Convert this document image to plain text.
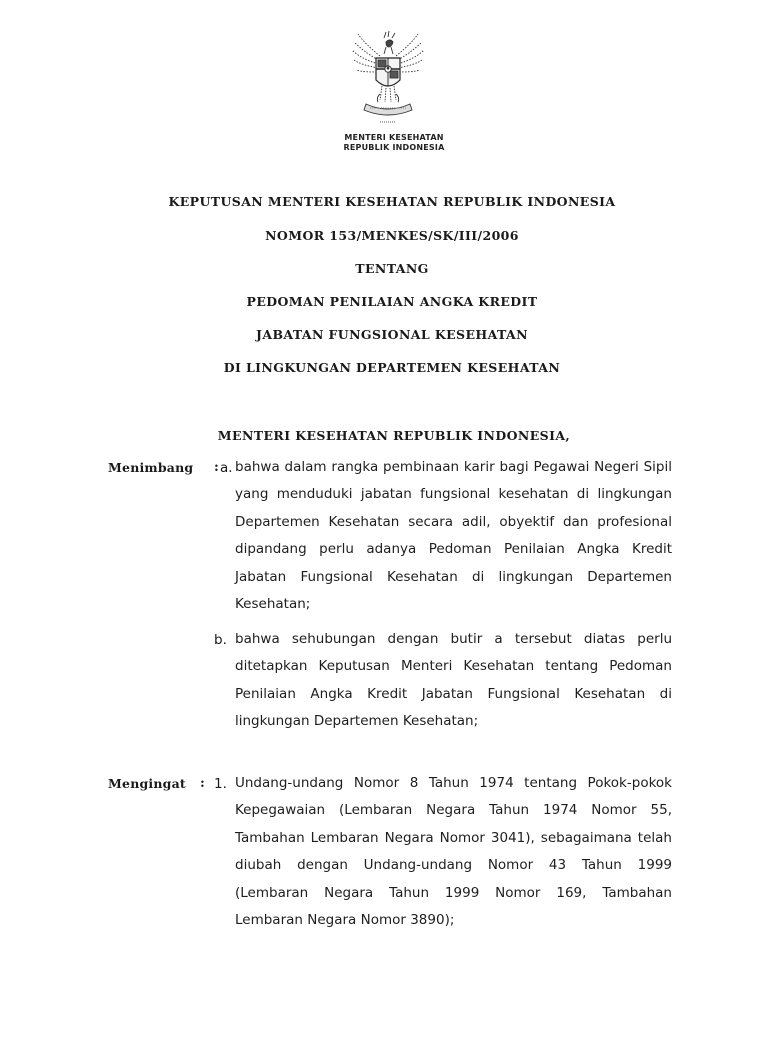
MENTERI KESEHATAN
REPUBLIK INDONESIA
KEPUTUSAN MENTERI KESEHATAN REPUBLIK INDONESIA
NOMOR 153/MENKES/SK/III/2006
TENTANG
PEDOMAN PENILAIAN ANGKA KREDIT
JABATAN FUNGSIONAL KESEHATAN
DI LINGKUNGAN DEPARTEMEN KESEHATAN
MENTERI KESEHATAN REPUBLIK INDONESIA,
Menimbang : a. bahwa dalam rangka pembinaan karir bagi Pegawai Negeri Sipil yang menduduki jabatan fungsional kesehatan di lingkungan Departemen Kesehatan secara adil, obyektif dan profesional dipandang perlu adanya Pedoman Penilaian Angka Kredit Jabatan Fungsional Kesehatan di lingkungan Departemen Kesehatan;
b. bahwa sehubungan dengan butir a tersebut diatas perlu ditetapkan Keputusan Menteri Kesehatan tentang Pedoman Penilaian Angka Kredit Jabatan Fungsional Kesehatan di lingkungan Departemen Kesehatan;
Mengingat : 1. Undang-undang Nomor 8 Tahun 1974 tentang Pokok-pokok Kepegawaian (Lembaran Negara Tahun 1974 Nomor 55, Tambahan Lembaran Negara Nomor 3041), sebagaimana telah diubah dengan Undang-undang Nomor 43 Tahun 1999 (Lembaran Negara Tahun 1999 Nomor 169, Tambahan Lembaran Negara Nomor 3890);
